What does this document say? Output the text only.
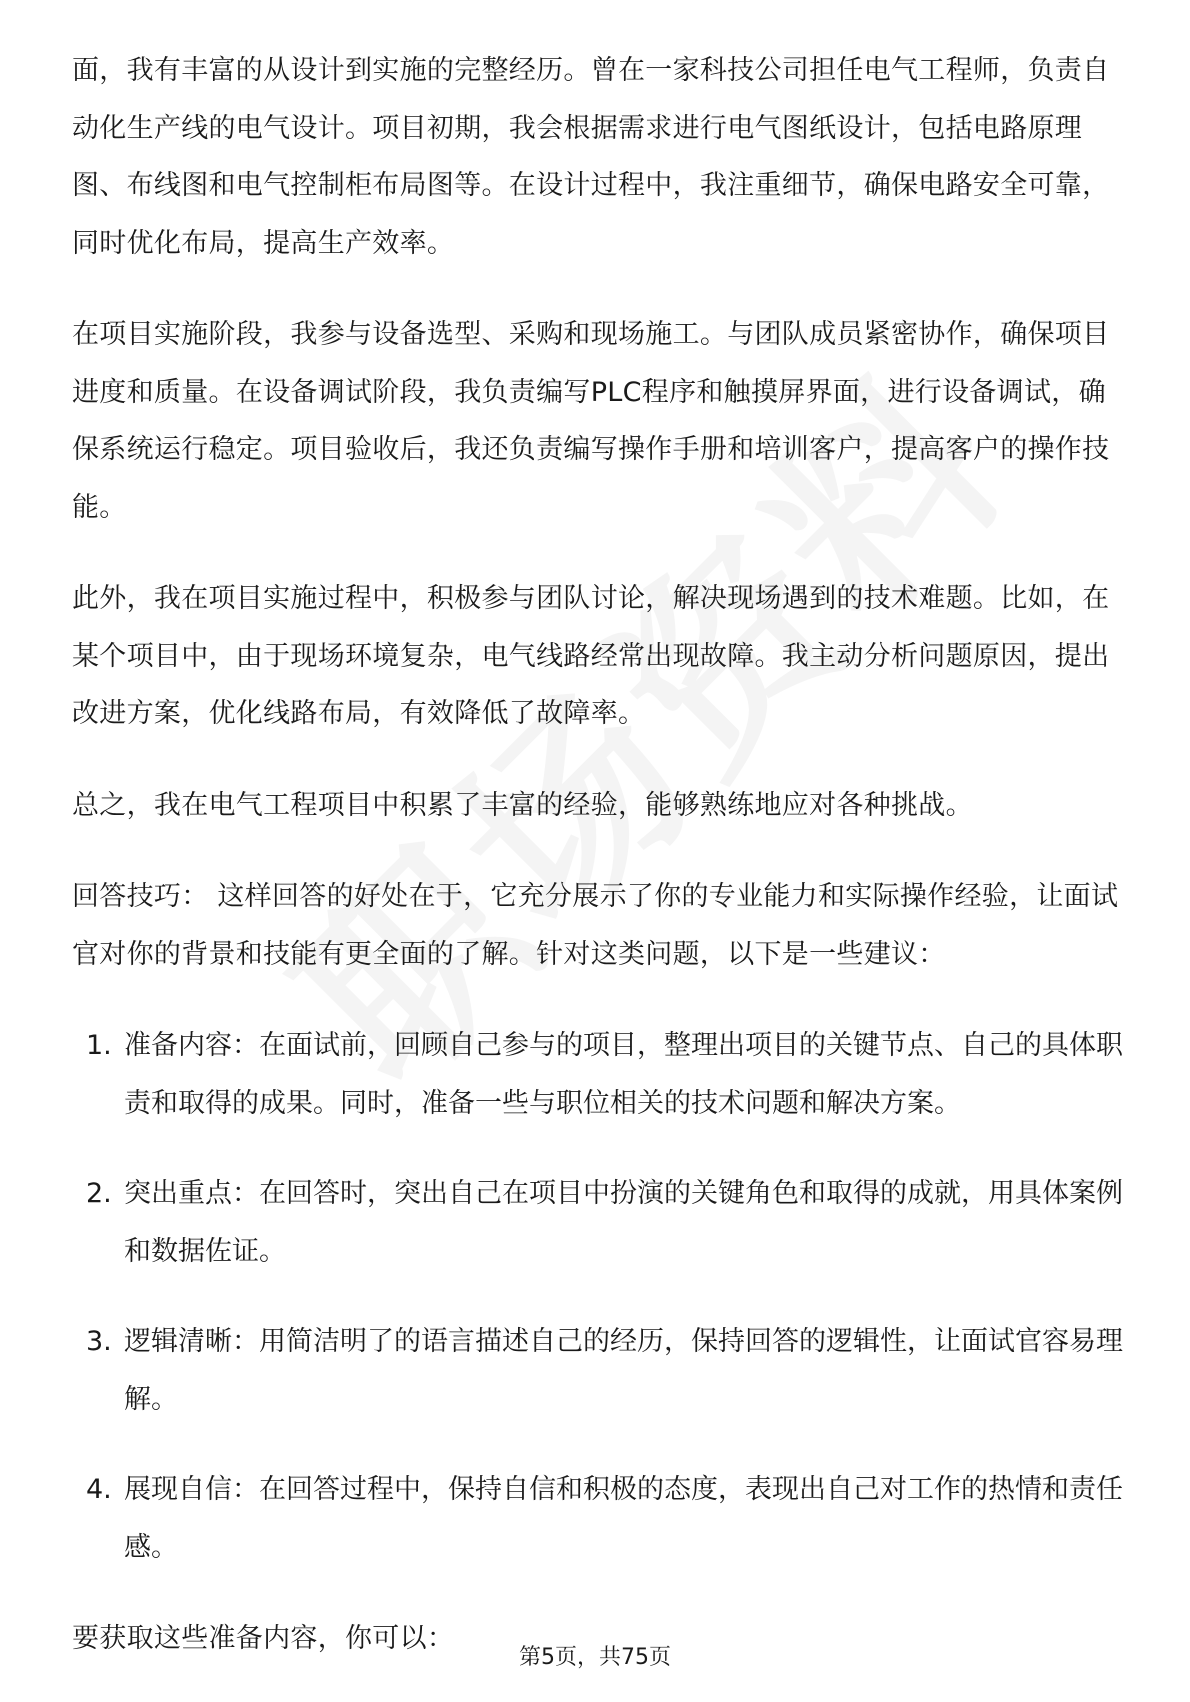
面，我有丰富的从设计到实施的完整经历。曾在一家科技公司担任电气工程师，负责自动化生产线的电气设计。项目初期，我会根据需求进行电气图纸设计，包括电路原理图、布线图和电气控制柜布局图等。在设计过程中，我注重细节，确保电路安全可靠，同时优化布局，提高生产效率。

在项目实施阶段，我参与设备选型、采购和现场施工。与团队成员紧密协作，确保项目进度和质量。在设备调试阶段，我负责编写PLC程序和触摸屏界面，进行设备调试，确保系统运行稳定。项目验收后，我还负责编写操作手册和培训客户，提高客户的操作技能。

此外，我在项目实施过程中，积极参与团队讨论，解决现场遇到的技术难题。比如，在某个项目中，由于现场环境复杂，电气线路经常出现故障。我主动分析问题原因，提出改进方案，优化线路布局，有效降低了故障率。

总之，我在电气工程项目中积累了丰富的经验，能够熟练地应对各种挑战。

回答技巧： 这样回答的好处在于，它充分展示了你的专业能力和实际操作经验，让面试官对你的背景和技能有更全面的了解。针对这类问题，以下是一些建议：

1. 准备内容：在面试前，回顾自己参与的项目，整理出项目的关键节点、自己的具体职责和取得的成果。同时，准备一些与职位相关的技术问题和解决方案。
2. 突出重点：在回答时，突出自己在项目中扮演的关键角色和取得的成就，用具体案例和数据佐证。
3. 逻辑清晰：用简洁明了的语言描述自己的经历，保持回答的逻辑性，让面试官容易理解。
4. 展现自信：在回答过程中，保持自信和积极的态度，表现出自己对工作的热情和责任感。

要获取这些准备内容，你可以：

第5页，共75页
